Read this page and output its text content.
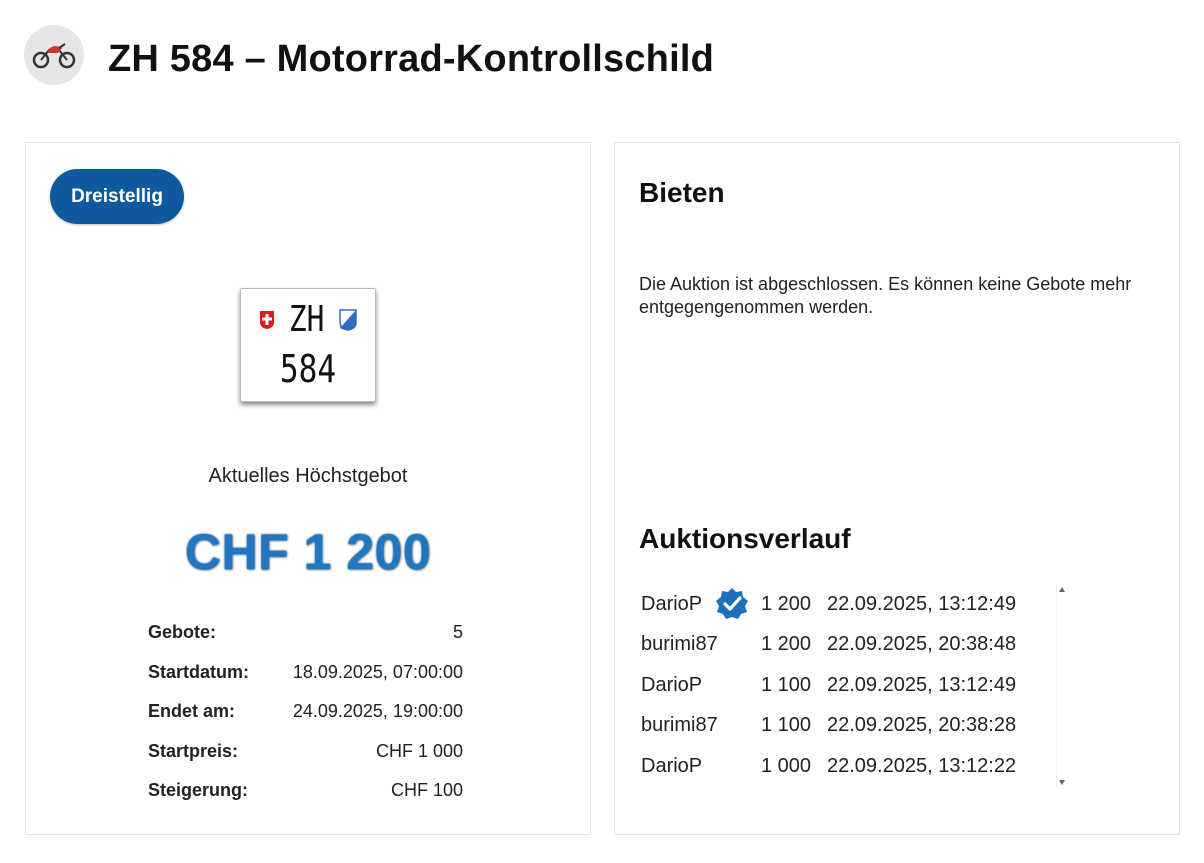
ZH 584 – Motorrad-Kontrollschild
Dreistellig
ZH
584
Aktuelles Höchstgebot
CHF 1 200
Gebote:	5
Startdatum: 18.09.2025, 07:00:00
Endet am:	24.09.2025, 19:00:00
Startpreis:	CHF 1 000
Steigerung:	CHF 100
Bieten
Die Auktion ist abgeschlossen. Es können keine Gebote mehr entgegengenommen werden.
Auktionsverlauf
DarioP	1 200 22.09.2025, 13:12:49
burimi87 1 200 22.09.2025, 20:38:48
DarioP	1 100 22.09.2025, 13:12:49
burimi87 1 100 22.09.2025, 20:38:28
DarioP	1 000 22.09.2025, 13:12:22
